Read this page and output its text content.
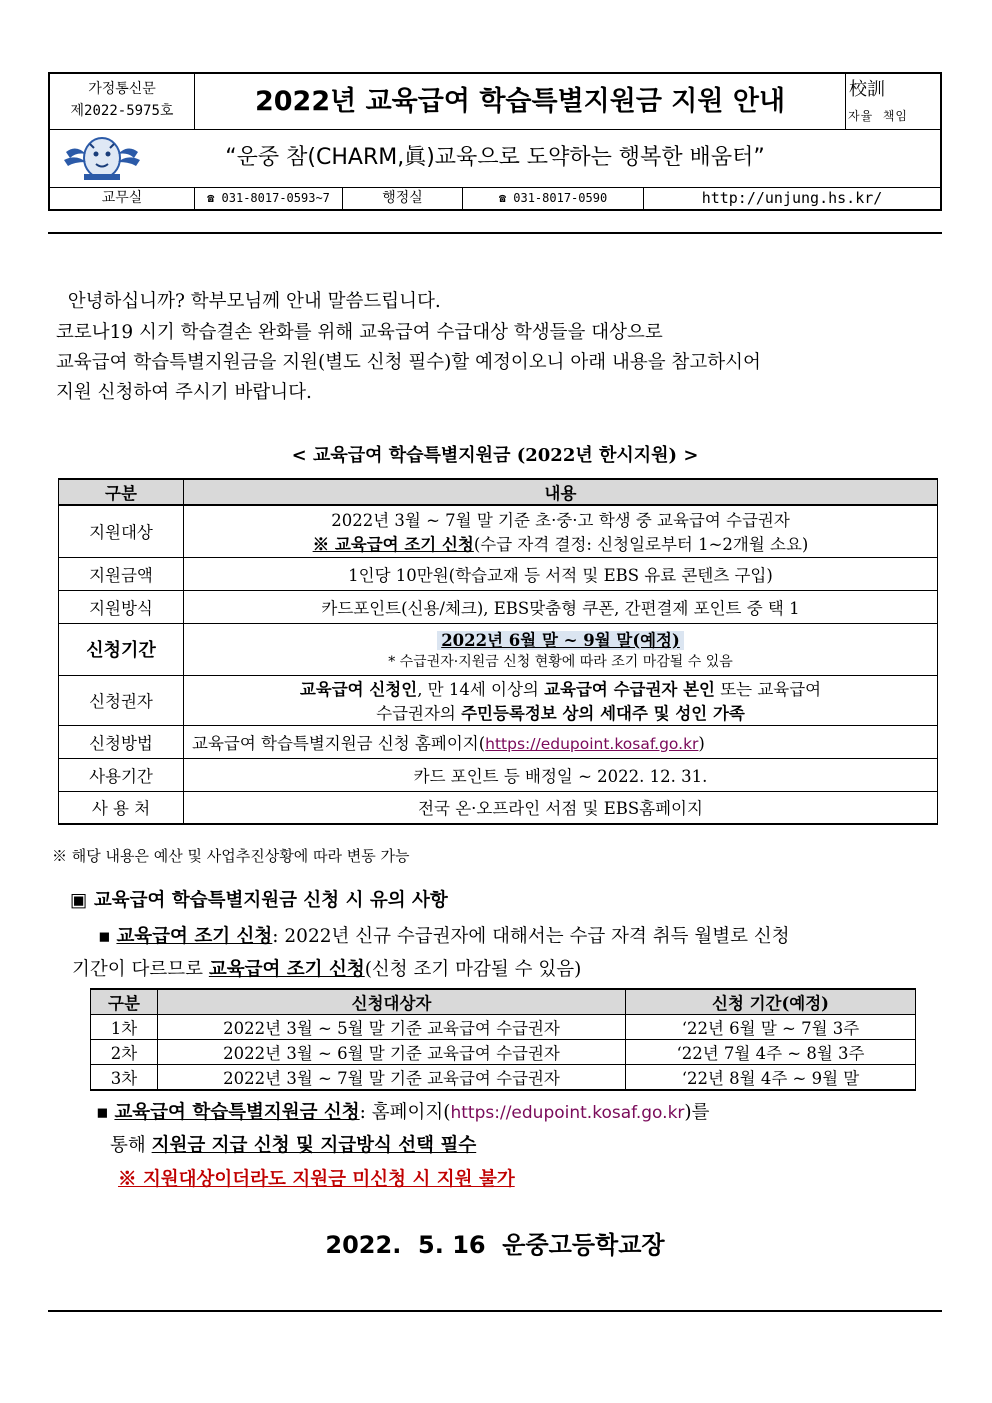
가정통신문
제2022-5975호	2022년 교육급여 학습특별지원금 지원 안내	校訓
자율  책임
“운중 참(CHARM,眞)교육으로 도약하는 행복한 배움터”
교무실	☎ 031-8017-0593~7	행정실	☎ 031-8017-0590	http://unjung.hs.kr/
안녕하십니까? 학부모님께 안내 말씀드립니다.
코로나19 시기 학습결손 완화를 위해 교육급여 수급대상 학생들을 대상으로
교육급여 학습특별지원금을 지원(별도 신청 필수)할 예정이오니 아래 내용을 참고하시어
지원 신청하여 주시기 바랍니다.
< 교육급여 학습특별지원금 (2022년 한시지원) >
구분	내용
지원대상	2022년 3월 ~ 7월 말 기준 초·중·고 학생 중 교육급여 수급권자
※ 교육급여 조기 신청(수급 자격 결정: 신청일로부터 1~2개월 소요)

지원금액	1인당 10만원(학습교재 등 서적 및 EBS 유료 콘텐츠 구입)
지원방식	카드포인트(신용/체크), EBS맞춤형 쿠폰, 간편결제 포인트 중 택 1
신청기간	2022년 6월 말 ~ 9월 말(예정)
* 수급권자·지원금 신청 현황에 따라 조기 마감될 수 있음

신청권자	교육급여 신청인, 만 14세 이상의 교육급여 수급권자 본인 또는 교육급여
수급권자의 주민등록정보 상의 세대주 및 성인 가족

신청방법	교육급여 학습특별지원금 신청 홈페이지(https://edupoint.kosaf.go.kr)
사용기간	카드 포인트 등 배정일 ~ 2022. 12. 31.
사 용 처	전국 온·오프라인 서점 및 EBS홈페이지
※ 해당 내용은 예산 및 사업추진상황에 따라 변동 가능
▣ 교육급여 학습특별지원금 신청 시 유의 사항
▪ 교육급여 조기 신청: 2022년 신규 수급권자에 대해서는 수급 자격 취득 월별로 신청
기간이 다르므로 교육급여 조기 신청(신청 조기 마감될 수 있음)
구분	신청대상자	신청 기간(예정)
1차	2022년 3월 ~ 5월 말 기준 교육급여 수급권자	‘22년 6월 말 ~ 7월 3주
2차	2022년 3월 ~ 6월 말 기준 교육급여 수급권자	‘22년 7월 4주 ~ 8월 3주
3차	2022년 3월 ~ 7월 말 기준 교육급여 수급권자	‘22년 8월 4주 ~ 9월 말
▪ 교육급여 학습특별지원금 신청: 홈페이지(https://edupoint.kosaf.go.kr)를
통해 지원금 지급 신청 및 지급방식 선택 필수
※ 지원대상이더라도 지원금 미신청 시 지원 불가
2022.  5. 16  운중고등학교장
